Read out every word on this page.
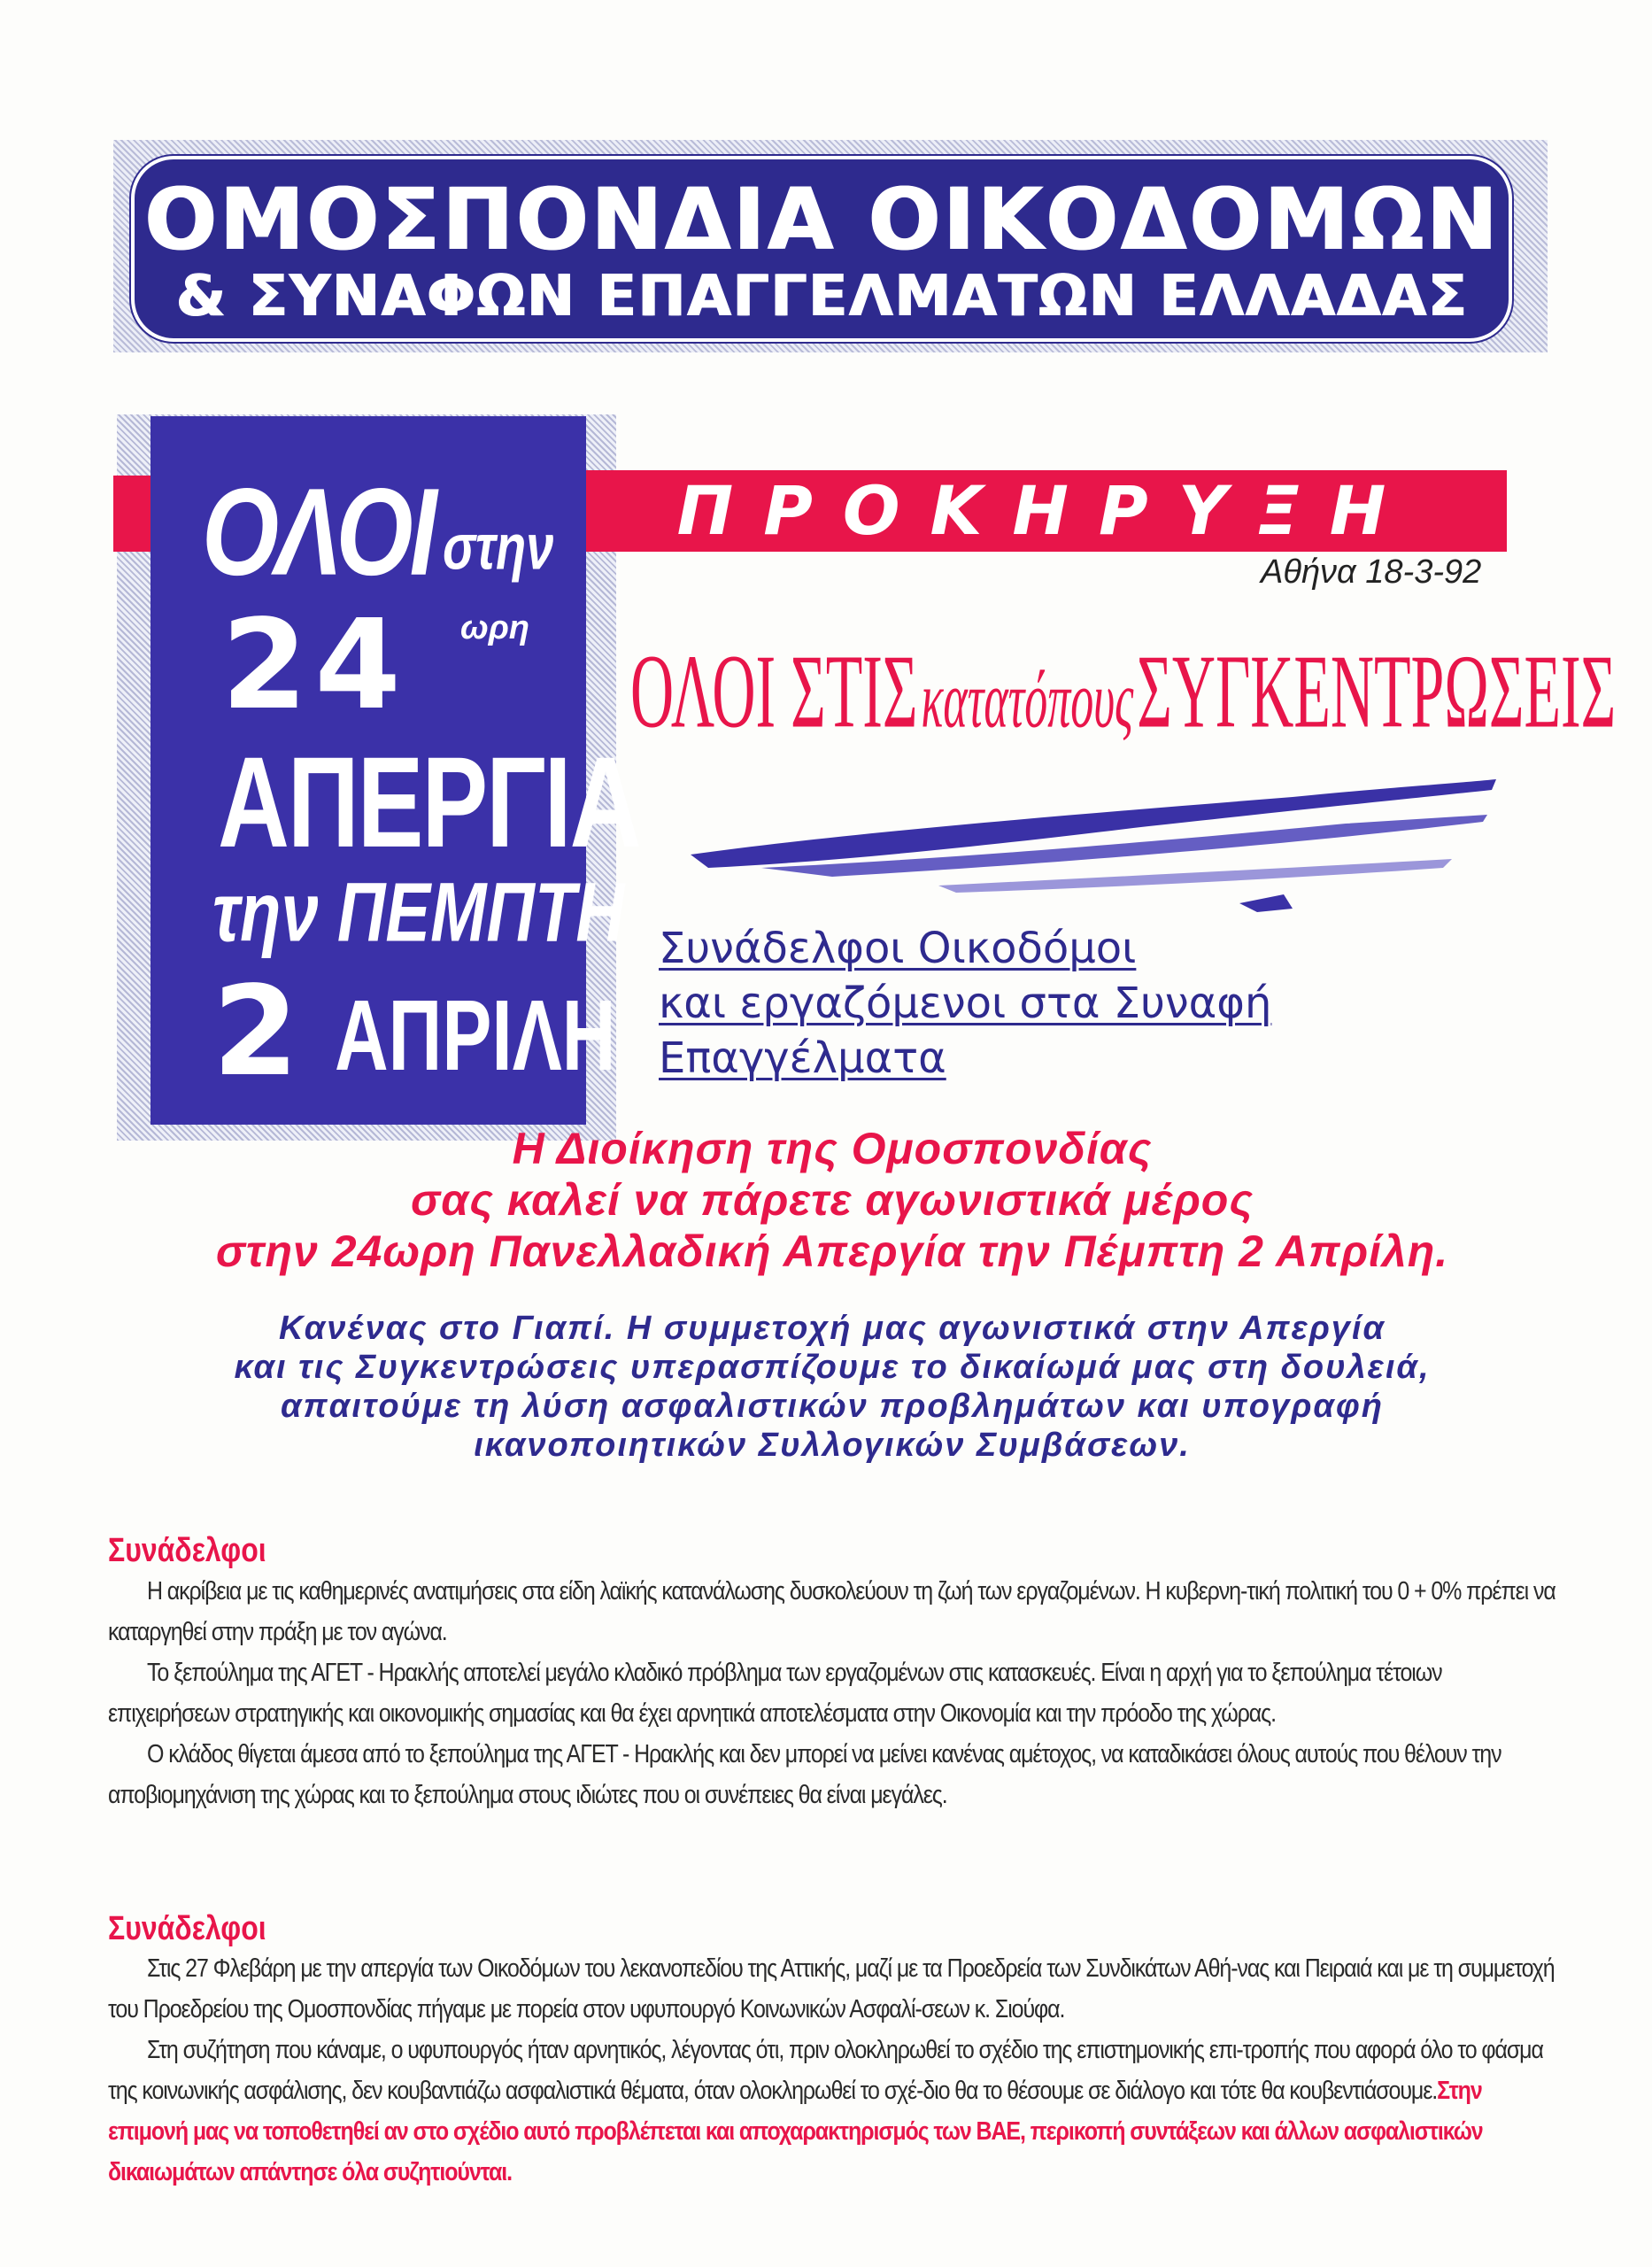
ΟΜΟΣΠΟΝΔΙΑ ΟΙΚΟΔΟΜΩΝ
& ΣΥΝΑΦΩΝ ΕΠΑΓΓΕΛΜΑΤΩΝ ΕΛΛΑΔΑΣ
ΟΛΟΙ στην
24 ωρη
ΑΠΕΡΓΙΑ
την ΠΕΜΠΤΗ
2 ΑΠΡΙΛΗ
ΠΡΟΚΗΡΥΞΗ
Αθήνα 18-3-92
ΟΛΟΙ ΣΤΙΣ κατατόπους ΣΥΓΚΕΝΤΡΩΣΕΙΣ
Συνάδελφοι Οικοδόμοι
και εργαζόμενοι στα Συναφή
Επαγγέλματα
Η Διοίκηση της Ομοσπονδίας
σας καλεί να πάρετε αγωνιστικά μέρος
στην 24ωρη Πανελλαδική Απεργία την Πέμπτη 2 Απρίλη.
Κανένας στο Γιαπί. Η συμμετοχή μας αγωνιστικά στην Απεργία
και τις Συγκεντρώσεις υπερασπίζουμε το δικαίωμά μας στη δουλειά,
απαιτούμε τη λύση ασφαλιστικών προβλημάτων και υπογραφή
ικανοποιητικών Συλλογικών Συμβάσεων.
Συνάδελφοι
Η ακρίβεια με τις καθημερινές ανατιμήσεις στα είδη λαϊκής κατανάλωσης δυσκολεύουν τη ζωή των εργαζομένων. Η κυβερνη-τική πολιτική του 0 + 0% πρέπει να καταργηθεί στην πράξη με τον αγώνα.
Το ξεπούλημα της ΑΓΕΤ - Ηρακλής αποτελεί μεγάλο κλαδικό πρόβλημα των εργαζομένων στις κατασκευές. Είναι η αρχή για το ξεπούλημα τέτοιων επιχειρήσεων στρατηγικής και οικονομικής σημασίας και θα έχει αρνητικά αποτελέσματα στην Οικονομία και την πρόοδο της χώρας.
Ο κλάδος θίγεται άμεσα από το ξεπούλημα της ΑΓΕΤ - Ηρακλής και δεν μπορεί να μείνει κανένας αμέτοχος, να καταδικάσει όλους αυτούς που θέλουν την αποβιομηχάνιση της χώρας και το ξεπούλημα στους ιδιώτες που οι συνέπειες θα είναι μεγάλες.
Συνάδελφοι
Στις 27 Φλεβάρη με την απεργία των Οικοδόμων του λεκανοπεδίου της Αττικής, μαζί με τα Προεδρεία των Συνδικάτων Αθή-νας και Πειραιά και με τη συμμετοχή του Προεδρείου της Ομοσπονδίας πήγαμε με πορεία στον υφυπουργό Κοινωνικών Ασφαλί-σεων κ. Σιούφα.
Στη συζήτηση που κάναμε, ο υφυπουργός ήταν αρνητικός, λέγοντας ότι, πριν ολοκληρωθεί το σχέδιο της επιστημονικής επι-τροπής που αφορά όλο το φάσμα της κοινωνικής ασφάλισης, δεν κουβαντιάζω ασφαλιστικά θέματα, όταν ολοκληρωθεί το σχέ-διο θα το θέσουμε σε διάλογο και τότε θα κουβεντιάσουμε.Στην επιμονή μας να τοποθετηθεί αν στο σχέδιο αυτό προβλέπεται και αποχαρακτηρισμός των ΒΑΕ, περικοπή συντάξεων και άλλων ασφαλιστικών δικαιωμάτων απάντησε όλα συζητιούνται.
